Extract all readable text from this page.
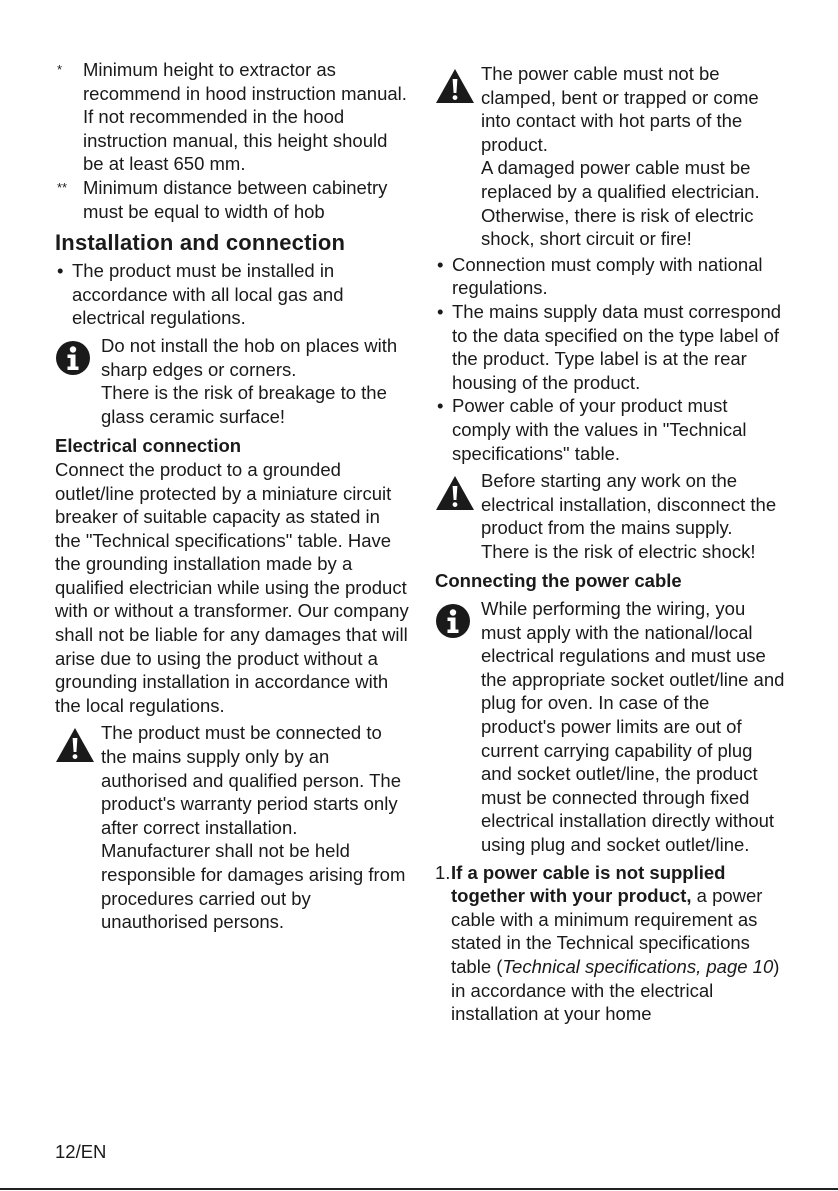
*	Minimum height to extractor as recommend in hood instruction manual. If not recommended in the hood instruction manual, this height should be at least 650 mm.
** Minimum distance between cabinetry must be equal to width of hob
Installation and connection
• The product must be installed in accordance with all local gas and electrical regulations.

Do not install the hob on places with sharp edges or corners.

There is the risk of breakage to the glass ceramic surface!

Electrical connection

Connect the product to a grounded outlet/line protected by a miniature circuit breaker of suitable capacity as stated in the "Technical specifications" table. Have the grounding installation made by a qualified electrician while using the product with or without a transformer. Our company shall not be liable for any damages that will arise due to using the product without a grounding installation in accordance with the local regulations.

The product must be connected to the mains supply only by an authorised and qualified person. The product's warranty period starts only after correct installation.

Manufacturer shall not be held responsible for damages arising from procedures carried out by unauthorised persons.

The power cable must not be clamped, bent or trapped or come into contact with hot parts of the product.

A damaged power cable must be replaced by a qualified electrician. Otherwise, there is risk of electric shock, short circuit or fire!

• Connection must comply with national regulations.
• The mains supply data must correspond to the data specified on the type label of the product. Type label is at the rear housing of the product.
• Power cable of your product must comply with the values in "Technical specifications" table.

Before starting any work on the electrical installation, disconnect the product from the mains supply.

There is the risk of electric shock!

Connecting the power cable

While performing the wiring, you must apply with the national/local electrical regulations and must use the appropriate socket outlet/line and plug for oven. In case of the product's power limits are out of current carrying capability of plug and socket outlet/line, the product must be connected through fixed electrical installation directly without using plug and socket outlet/line.

1. If a power cable is not supplied together with your product, a power cable with a minimum requirement as stated in the Technical specifications table (Technical specifications, page 10) in accordance with the electrical installation at your home
12/EN
